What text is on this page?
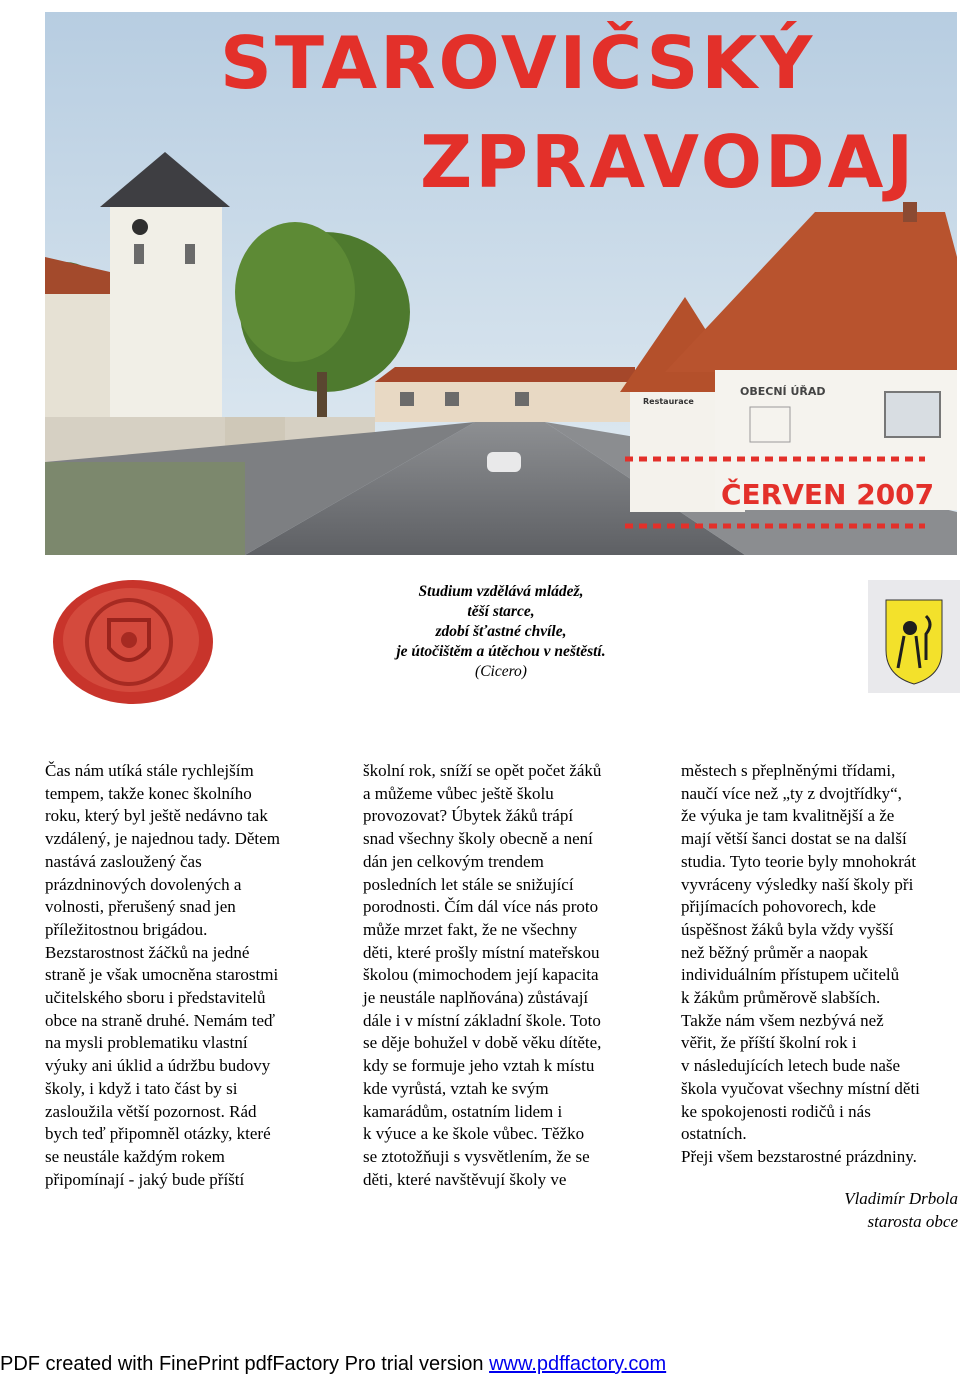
Restaurace
OBECNÍ ÚŘAD
ČERVEN 2007
STAROVIČSKÝ
ZPRAVODAJ
Studium vzdělává mládež,
těší starce,
zdobí šťastné chvíle,
je útočištěm a útěchou v neštěstí.
(Cicero)
Čas nám utíká stále rychlejším
tempem, takže konec školního
roku, který byl ještě nedávno tak
vzdálený, je najednou tady. Dětem
nastává zasloužený čas
prázdninových dovolených a
volnosti, přerušený snad jen
příležitostnou brigádou.
Bezstarostnost žáčků na jedné
straně je však umocněna starostmi
učitelského sboru i představitelů
obce na straně druhé. Nemám teď
na mysli problematiku vlastní
výuky ani úklid a údržbu budovy
školy, i když i tato část by si
zasloužila větší pozornost. Rád
bych teď připomněl otázky, které
se neustále každým rokem
připomínají - jaký bude příští
školní rok, sníží se opět počet žáků
a můžeme vůbec ještě školu
provozovat? Úbytek žáků trápí
snad všechny školy obecně a není
dán jen celkovým trendem
posledních let stále se snižující
porodnosti. Čím dál více nás proto
může mrzet fakt, že ne všechny
děti, které prošly místní mateřskou
školou (mimochodem její kapacita
je neustále naplňována) zůstávají
dále i v místní základní škole. Toto
se děje bohužel v době věku dítěte,
kdy se formuje jeho vztah k místu
kde vyrůstá, vztah ke svým
kamarádům, ostatním lidem i
k výuce a ke škole vůbec. Těžko
se ztotožňuji s vysvětlením, že se
děti, které navštěvují školy ve
městech s přeplněnými třídami,
naučí více než „ty z dvojtřídky“,
že výuka je tam kvalitnější a že
mají větší šanci dostat se na další
studia. Tyto teorie byly mnohokrát
vyvráceny výsledky naší školy při
přijímacích pohovorech, kde
úspěšnost žáků byla vždy vyšší
než běžný průměr a naopak
individuálním přístupem učitelů
k žákům průměrově slabších.
Takže nám všem nezbývá než
věřit, že příští školní rok i
v následujících letech bude naše
škola vyučovat všechny místní děti
ke spokojenosti rodičů i nás
ostatních.
Přeji všem bezstarostné prázdniny.
Vladimír Drbola
starosta obce
PDF created with FinePrint pdfFactory Pro trial version www.pdffactory.com
